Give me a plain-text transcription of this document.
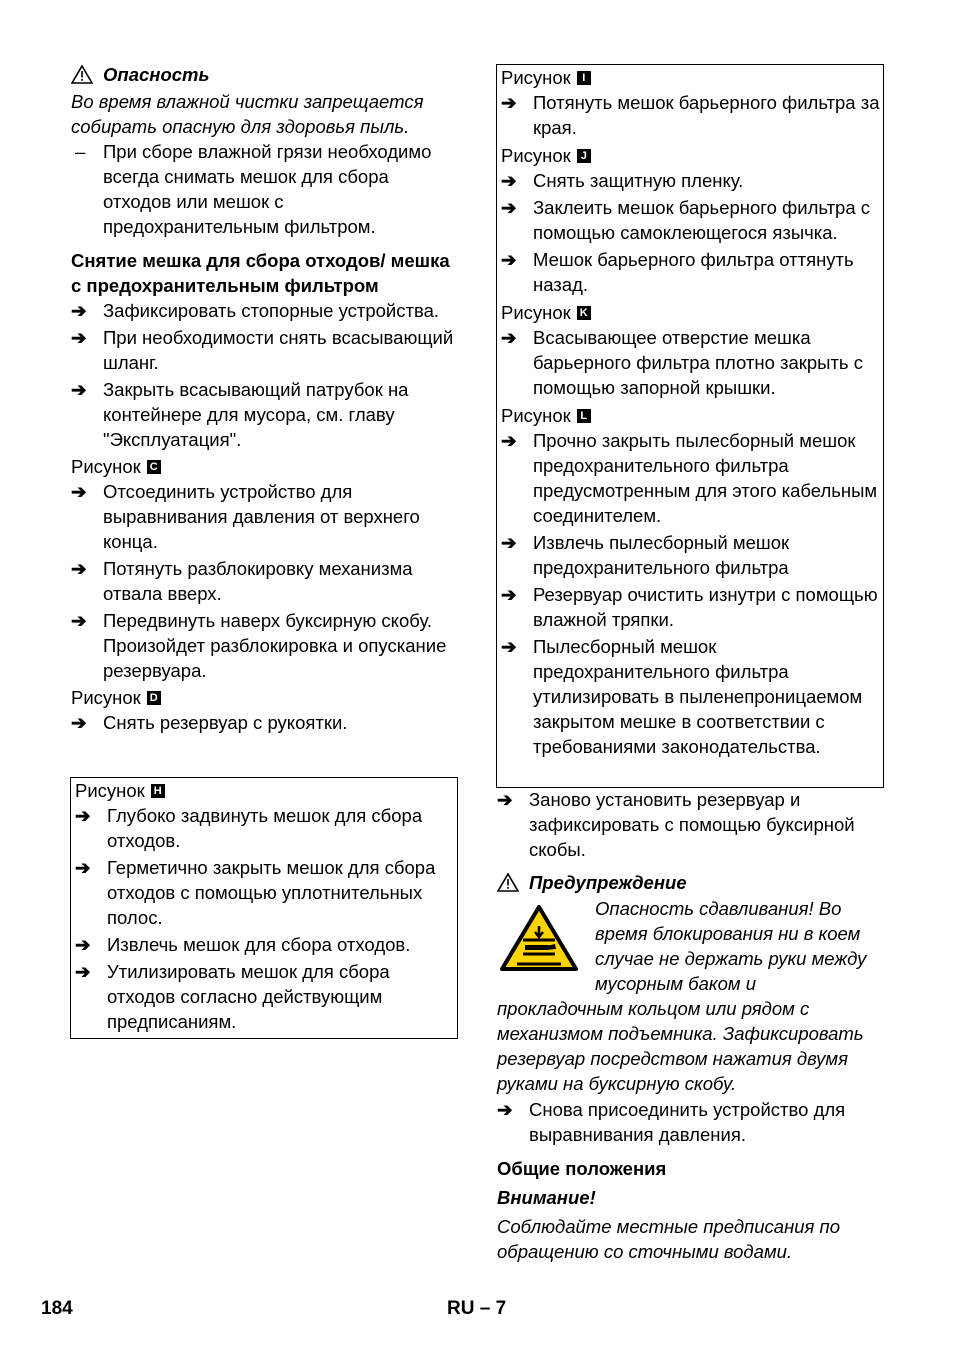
Опасность

Во время влажной чистки запрещается собирать опасную для здоровья пыль.

– При сборе влажной грязи необходимо всегда снимать мешок для сбора отходов или мешок с предохранительным фильтром.

Снятие мешка для сбора отходов/ мешка с предохранительным фильтром

➔ Зафиксировать стопорные устройства.
➔ При необходимости снять всасывающий шланг.
➔ Закрыть всасывающий патрубок на контейнере для мусора, см. главу "Эксплуатация".
Рисунок C
➔ Отсоединить устройство для выравнивания давления от верхнего конца.
➔ Потянуть разблокировку механизма отвала вверх.
➔ Передвинуть наверх буксирную скобу. Произойдет разблокировка и опускание резервуара.
Рисунок D
➔ Снять резервуар с рукоятки.
Рисунок H
➔ Глубоко задвинуть мешок для сбора отходов.
➔ Герметично закрыть мешок для сбора отходов с помощью уплотнительных полос.
➔ Извлечь мешок для сбора отходов.
➔ Утилизировать мешок для сбора отходов согласно действующим предписаниям.
Рисунок	I
➔ Потянуть мешок барьерного фильтра за края.
Рисунок J
➔ Снять защитную пленку.
➔ Заклеить мешок барьерного фильтра с помощью самоклеющегося язычка.
➔ Мешок барьерного фильтра оттянуть назад.
Рисунок K
➔ Всасывающее отверстие мешка барьерного фильтра плотно закрыть с помощью запорной крышки.
Рисунок L
➔ Прочно закрыть пылесборный мешок предохранительного фильтра предусмотренным для этого кабельным соединителем.
➔ Извлечь пылесборный мешок предохранительного фильтра
➔ Резервуар очистить изнутри с помощью влажной тряпки.
➔ Пылесборный мешок предохранительного фильтра утилизировать в пыленепроницаемом закрытом мешке в соответствии с требованиями законодательства.
➔ Заново установить резервуар и зафиксировать с помощью буксирной скобы.
Предупреждение

Опасность сдавливания! Во время блокирования ни в коем случае не держать руки между мусорным баком и прокладочным кольцом или рядом с механизмом подъемника. Зафиксировать резервуар посредством нажатия двумя руками на буксирную скобу.

➔ Снова присоединить устройство для выравнивания давления.

Общие положения

Внимание!

Соблюдайте местные предписания по обращению со сточными водами.

184	RU – 7
